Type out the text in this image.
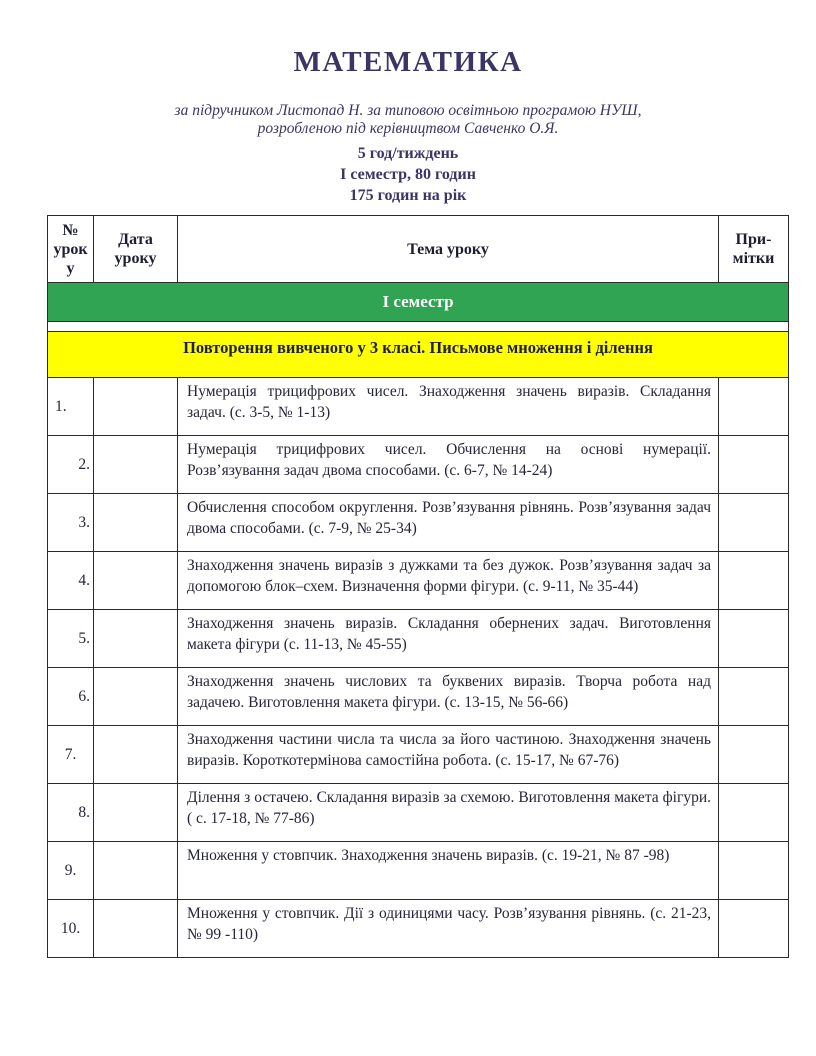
МАТЕМАТИКА
за підручником Листопад Н. за типовою освітньою програмою НУШ,
розробленою під керівництвом Савченко О.Я.
5 год/тиждень
І семестр, 80 годин
175 годин на рік
№ уроку	Дата уроку	Тема уроку	При-мітки
І семестр			

Повторення вивченого у 3 класі. Письмове множення і ділення			
1.		Нумерація трицифрових чисел. Знаходження значень виразів. Складання задач. (с. 3-5, № 1-13)	
2.		Нумерація трицифрових чисел. Обчислення на основі нумерації. Розв’язування задач двома способами. (с. 6-7, № 14-24)	
3.		Обчислення способом округлення. Розв’язування рівнянь. Розв’язування задач двома способами. (с. 7-9, № 25-34)	
4.		Знаходження значень виразів з дужками та без дужок. Розв’язування задач за допомогою блок–схем. Визначення форми фігури. (с. 9-11, № 35-44)	
5.		Знаходження значень виразів. Складання обернених задач. Виготовлення макета фігури (с. 11-13, № 45-55)	
6.		Знаходження значень числових та буквених виразів. Творча робота над задачею. Виготовлення макета фігури. (с. 13-15, № 56-66)	
7.		Знаходження частини числа та числа за його частиною. Знаходження значень виразів. Короткотермінова самостійна робота. (с. 15-17, № 67-76)	
8.		Ділення з остачею. Складання виразів за схемою. Виготовлення макета фігури. ( с. 17-18, № 77-86)	
9.		Множення у стовпчик. Знаходження значень виразів. (с. 19-21, № 87 -98)	
10.		Множення у стовпчик. Дії з одиницями часу. Розв’язування рівнянь. (с. 21-23, № 99 -110)	
